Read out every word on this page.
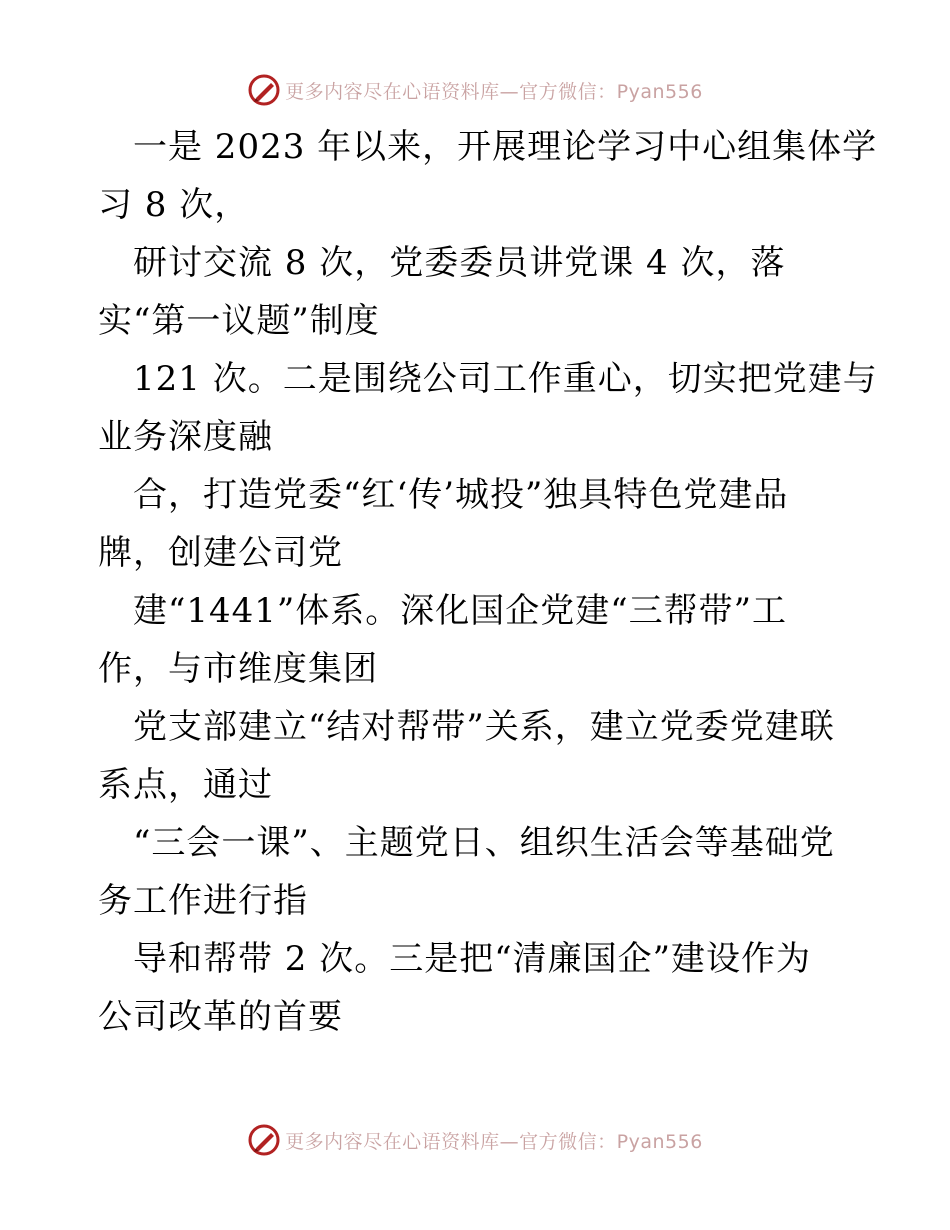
更多内容尽在心语资料库—官方微信：Pyan556
　一是 2023 年以来，开展理论学习中心组集体学
习 8 次，
　研讨交流 8 次，党委委员讲党课 4 次，落
实“第一议题”制度
　121 次。二是围绕公司工作重心，切实把党建与
业务深度融
　合，打造党委“红‘传’城投”独具特色党建品
牌，创建公司党
　建“1441”体系。深化国企党建“三帮带”工
作，与市维度集团
　党支部建立“结对帮带”关系，建立党委党建联
系点，通过
　“三会一课”、主题党日、组织生活会等基础党
务工作进行指
　导和帮带 2 次。三是把“清廉国企”建设作为
公司改革的首要
更多内容尽在心语资料库—官方微信：Pyan556
